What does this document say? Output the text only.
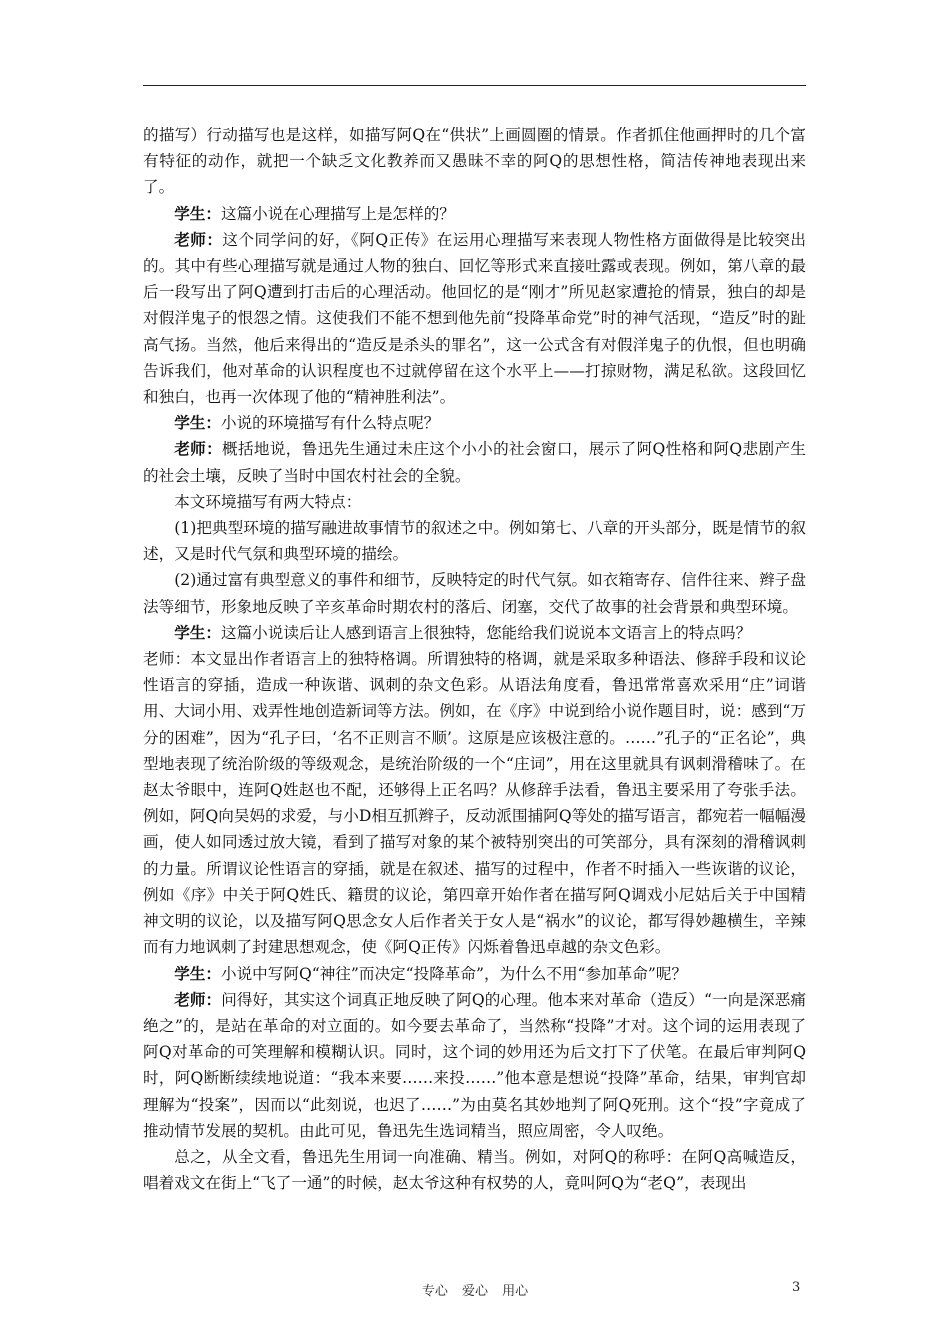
的描写）行动描写也是这样，如描写阿Q在“供状”上画圆圈的情景。作者抓住他画押时的几个富有特征的动作，就把一个缺乏文化教养而又愚昧不幸的阿Q的思想性格，简洁传神地表现出来了。

学生：这篇小说在心理描写上是怎样的？

老师：这个同学问的好，《阿Q正传》在运用心理描写来表现人物性格方面做得是比较突出的。其中有些心理描写就是通过人物的独白、回忆等形式来直接吐露或表现。例如，第八章的最后一段写出了阿Q遭到打击后的心理活动。他回忆的是“刚才”所见赵家遭抢的情景，独白的却是对假洋鬼子的恨怨之情。这使我们不能不想到他先前“投降革命党”时的神气活现，“造反”时的趾高气扬。当然，他后来得出的“造反是杀头的罪名”，这一公式含有对假洋鬼子的仇恨，但也明确告诉我们，他对革命的认识程度也不过就停留在这个水平上——打掠财物，满足私欲。这段回忆和独白，也再一次体现了他的“精神胜利法”。

学生：小说的环境描写有什么特点呢？

老师：概括地说，鲁迅先生通过未庄这个小小的社会窗口，展示了阿Q性格和阿Q悲剧产生的社会土壤，反映了当时中国农村社会的全貌。

本文环境描写有两大特点：

(1)把典型环境的描写融进故事情节的叙述之中。例如第七、八章的开头部分，既是情节的叙述，又是时代气氛和典型环境的描绘。

(2)通过富有典型意义的事件和细节，反映特定的时代气氛。如衣箱寄存、信件往来、辫子盘法等细节，形象地反映了辛亥革命时期农村的落后、闭塞，交代了故事的社会背景和典型环境。

学生：这篇小说读后让人感到语言上很独特，您能给我们说说本文语言上的特点吗？

老师：本文显出作者语言上的独特格调。所谓独特的格调，就是采取多种语法、修辞手段和议论性语言的穿插，造成一种诙谐、讽刺的杂文色彩。从语法角度看，鲁迅常常喜欢采用“庄”词谐用、大词小用、戏弄性地创造新词等方法。例如，在《序》中说到给小说作题目时，说：感到“万分的困难”，因为“孔子曰，‘名不正则言不顺’。这原是应该极注意的。……”孔子的“正名论”，典型地表现了统治阶级的等级观念，是统治阶级的一个“庄词”，用在这里就具有讽刺滑稽味了。在赵太爷眼中，连阿Q姓赵也不配，还够得上正名吗？从修辞手法看，鲁迅主要采用了夸张手法。例如，阿Q向吴妈的求爱，与小D相互抓辫子，反动派围捕阿Q等处的描写语言，都宛若一幅幅漫画，使人如同透过放大镜，看到了描写对象的某个被特别突出的可笑部分，具有深刻的滑稽讽刺的力量。所谓议论性语言的穿插，就是在叙述、描写的过程中，作者不时插入一些诙谐的议论，例如《序》中关于阿Q姓氏、籍贯的议论，第四章开始作者在描写阿Q调戏小尼姑后关于中国精神文明的议论，以及描写阿Q思念女人后作者关于女人是“祸水”的议论，都写得妙趣横生，辛辣而有力地讽刺了封建思想观念，使《阿Q正传》闪烁着鲁迅卓越的杂文色彩。

学生：小说中写阿Q“神往”而决定“投降革命”，为什么不用“参加革命”呢？

老师：问得好，其实这个词真正地反映了阿Q的心理。他本来对革命（造反）“一向是深恶痛绝之”的，是站在革命的对立面的。如今要去革命了，当然称“投降”才对。这个词的运用表现了阿Q对革命的可笑理解和模糊认识。同时，这个词的妙用还为后文打下了伏笔。在最后审判阿Q时，阿Q断断续续地说道：“我本来要……来投……”他本意是想说“投降”革命，结果，审判官却理解为“投案”，因而以“此刻说，也迟了……”为由莫名其妙地判了阿Q死刑。这个“投”字竟成了推动情节发展的契机。由此可见，鲁迅先生选词精当，照应周密，令人叹绝。

总之，从全文看，鲁迅先生用词一向准确、精当。例如，对阿Q的称呼：在阿Q高喊造反，唱着戏文在街上“飞了一通”的时候，赵太爷这种有权势的人，竟叫阿Q为“老Q”，表现出

专心 爱心 用心	3
